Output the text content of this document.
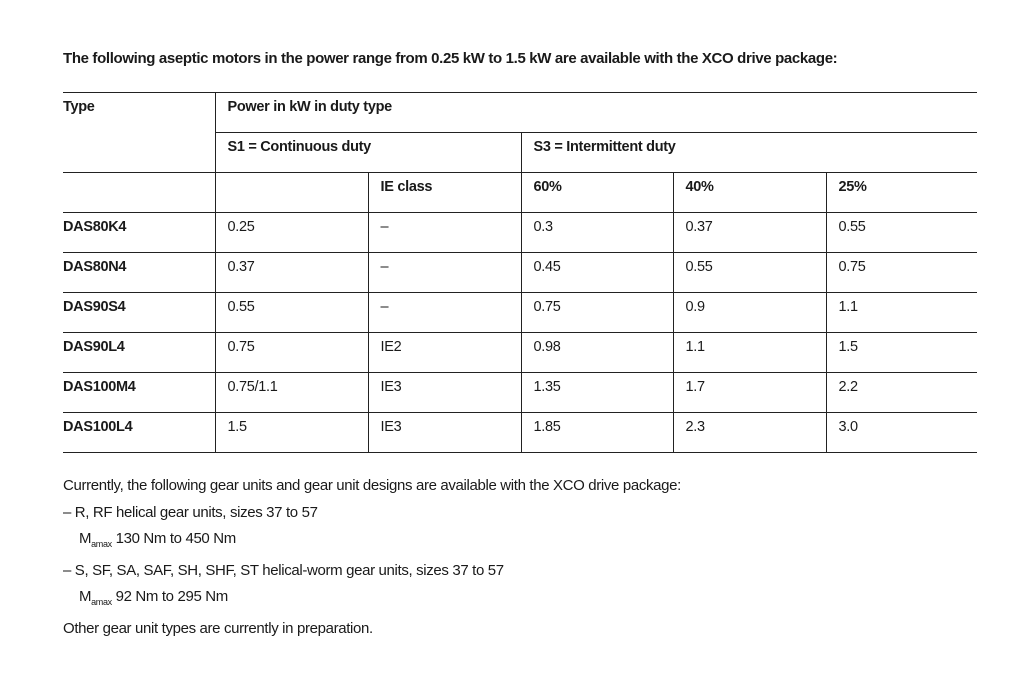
The following aseptic motors in the power range from 0.25 kW to 1.5 kW are available with the XCO drive package:
Type	Power in kW in duty type				
	S1 = Continuous duty		S3 = Intermittent duty		
		IE class	60%	40%	25%
DAS80K4	0.25	–	0.3	0.37	0.55
DAS80N4	0.37	–	0.45	0.55	0.75
DAS90S4	0.55	–	0.75	0.9	1.1
DAS90L4	0.75	IE2	0.98	1.1	1.5
DAS100M4	0.75/1.1	IE3	1.35	1.7	2.2
DAS100L4	1.5	IE3	1.85	2.3	3.0
Currently, the following gear units and gear unit designs are available with the XCO drive package:
– R, RF helical gear units, sizes 37 to 57
$M_{amax}$ 130 Nm to 450 Nm
– S, SF, SA, SAF, SH, SHF, ST helical-worm gear units, sizes 37 to 57
$M_{amax}$ 92 Nm to 295 Nm
Other gear unit types are currently in preparation.
